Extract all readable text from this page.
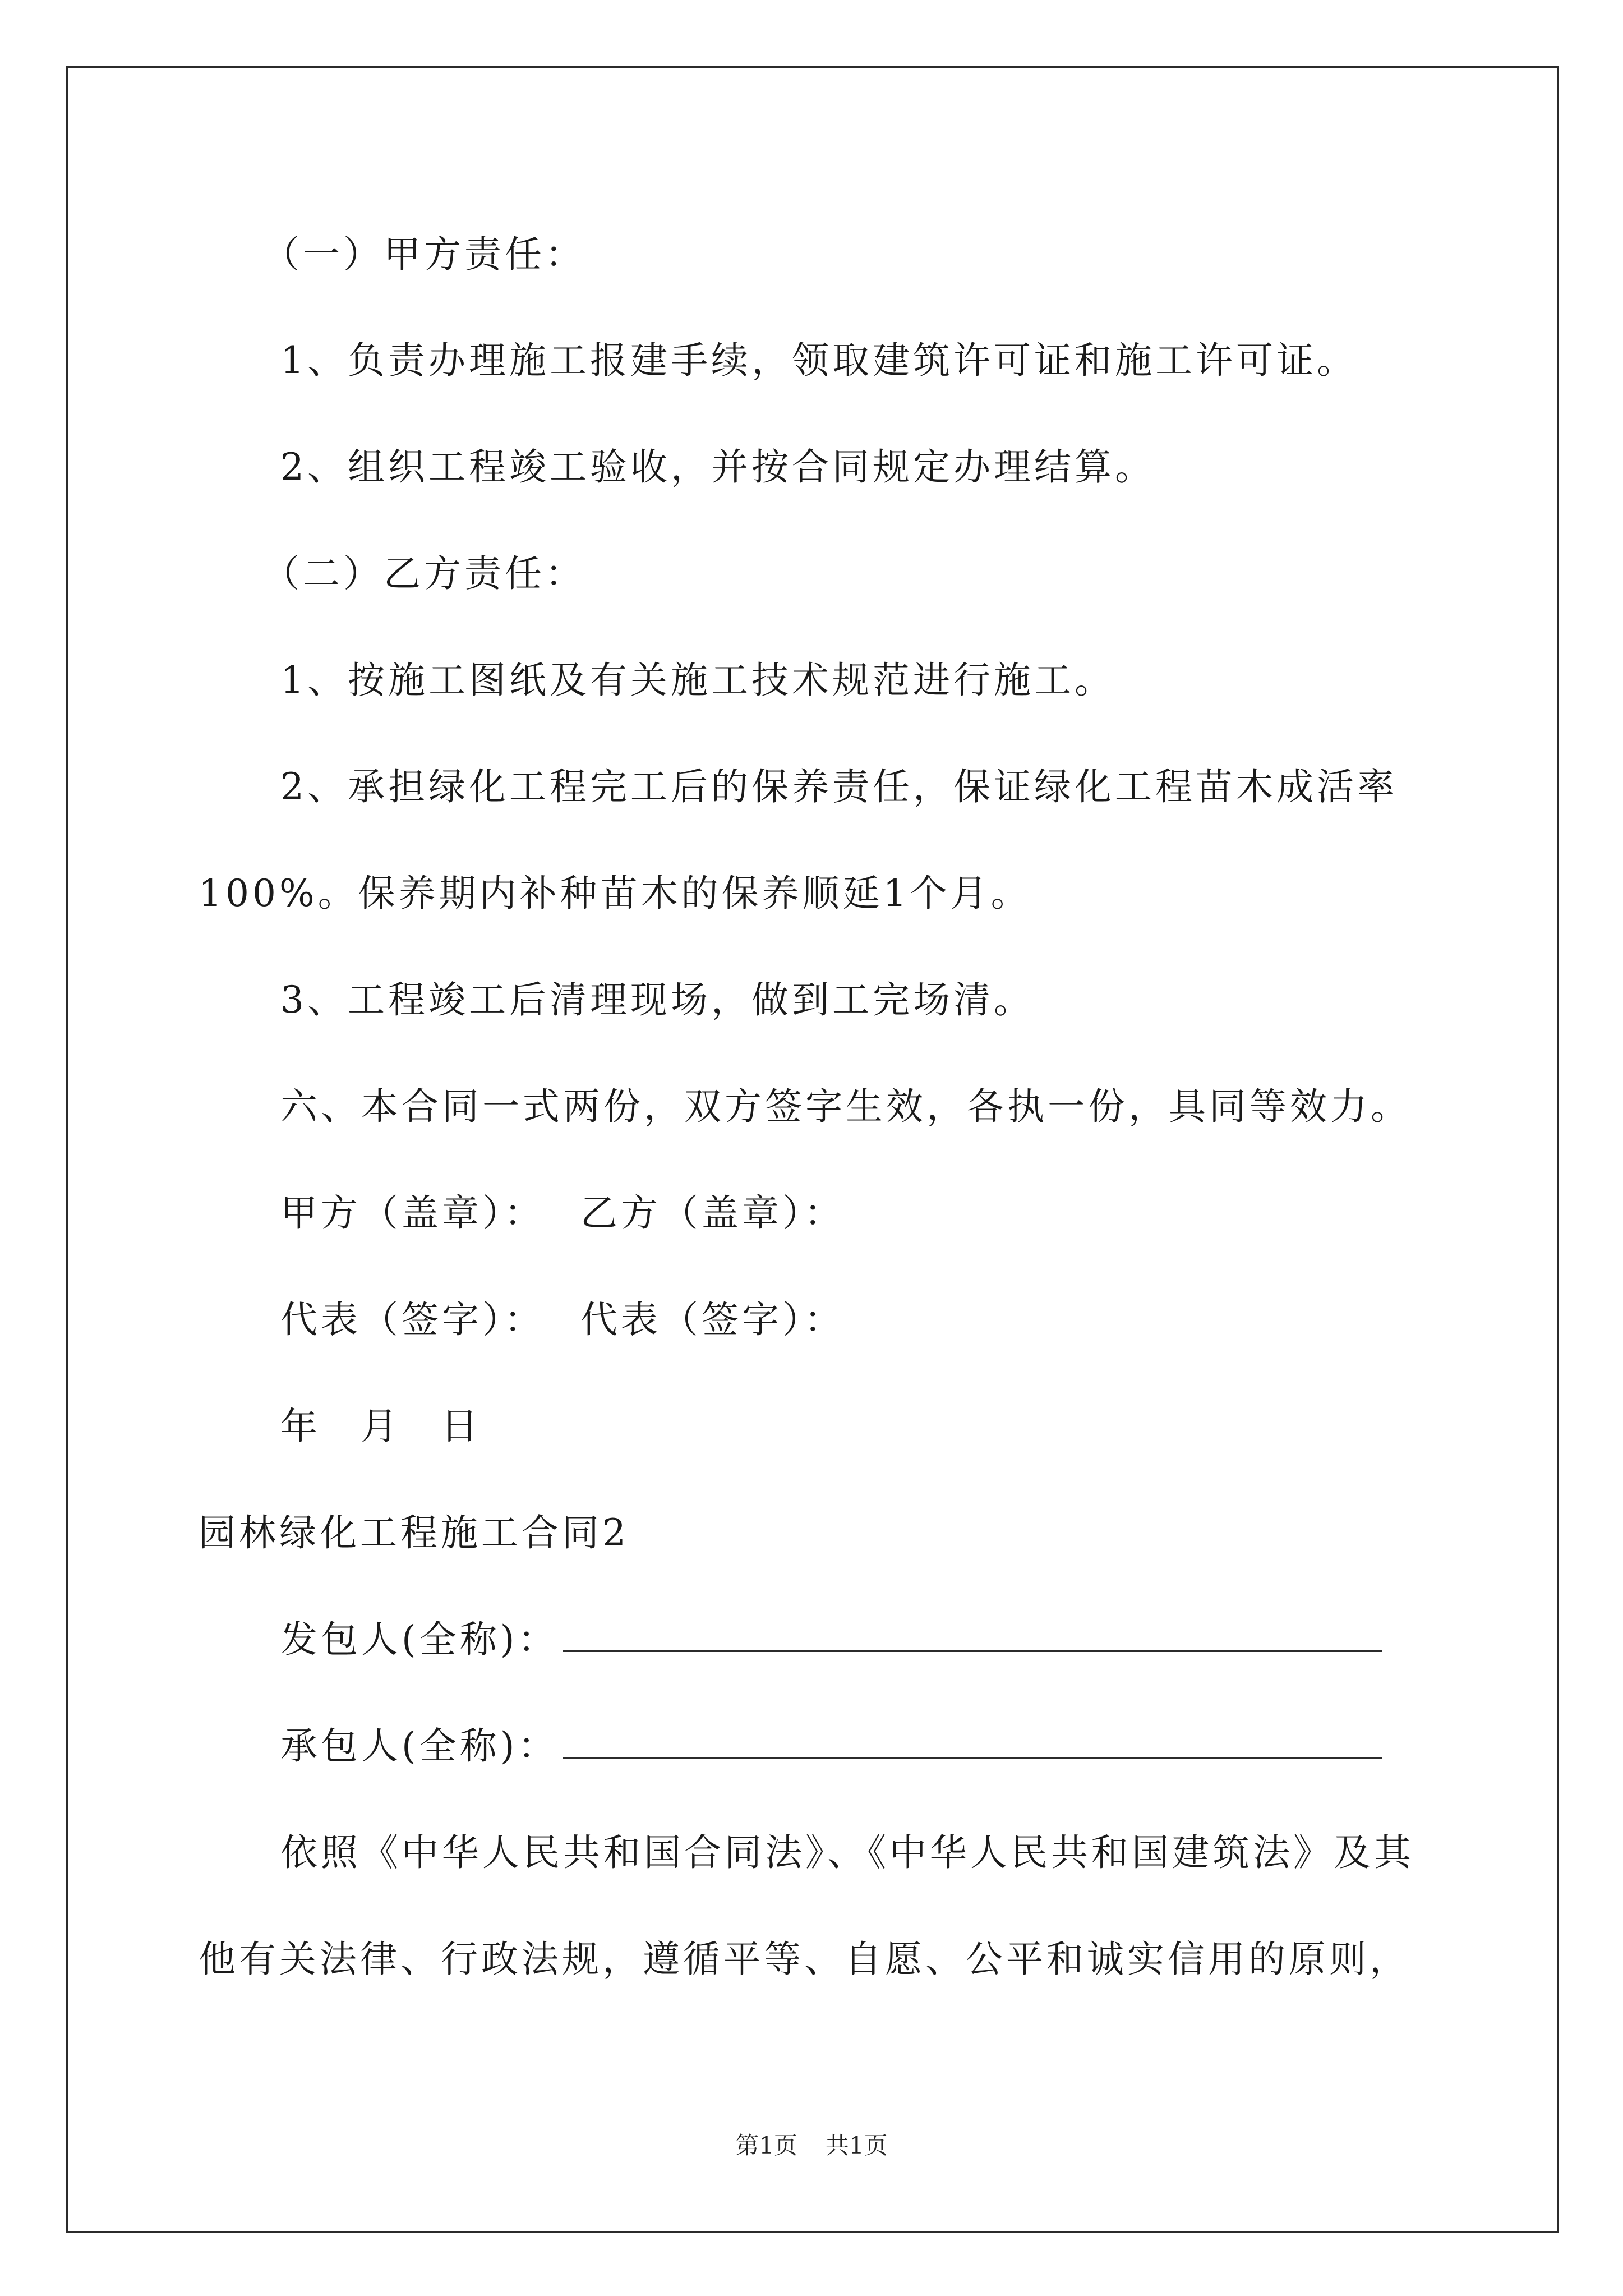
（一）甲方责任：
1、负责办理施工报建手续，领取建筑许可证和施工许可证。
2、组织工程竣工验收，并按合同规定办理结算。
（二）乙方责任：
1、按施工图纸及有关施工技术规范进行施工。
2、承担绿化工程完工后的保养责任，保证绿化工程苗木成活率
100%。保养期内补种苗木的保养顺延1个月。
3、工程竣工后清理现场，做到工完场清。
六、本合同一式两份，双方签字生效，各执一份，具同等效力。
甲方（盖章）： 乙方（盖章）：
代表（签字）： 代表（签字）：
年 月 日
园林绿化工程施工合同2
发包人(全称)：
承包人(全称)：
依照《中华人民共和国合同法》、《中华人民共和国建筑法》及其
他有关法律、行政法规，遵循平等、自愿、公平和诚实信用的原则，
第1页 共1页
